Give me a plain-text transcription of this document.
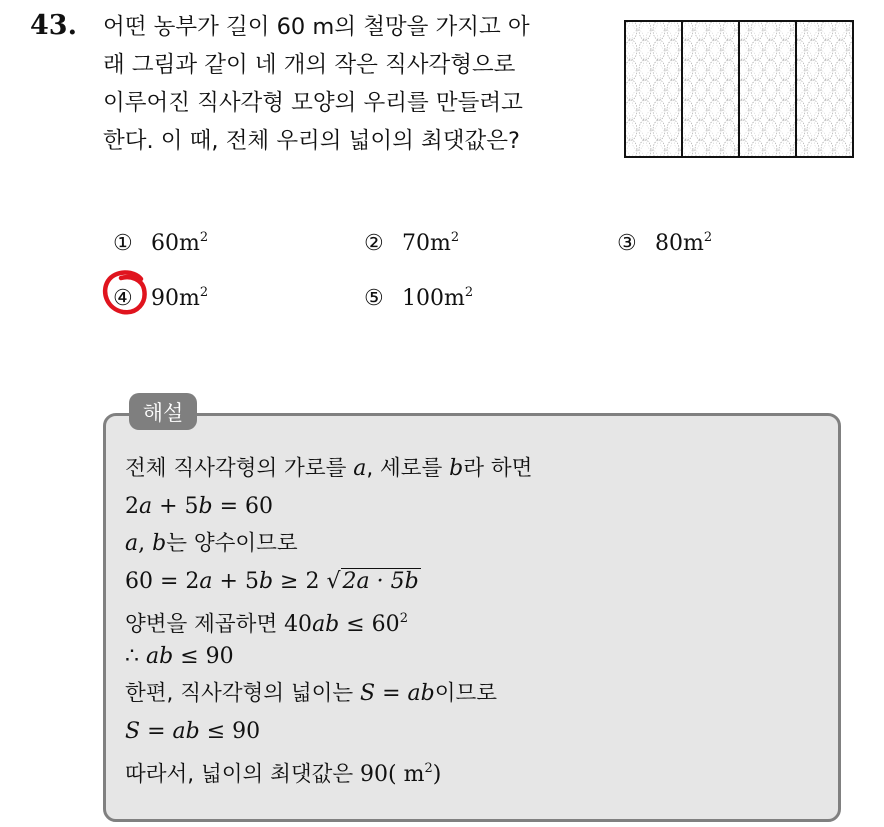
43. 어떤 농부가 길이 60 m의 철망을 가지고 아
래 그림과 같이 네 개의 작은 직사각형으로
이루어진 직사각형 모양의 우리를 만들려고
한다. 이 때, 전체 우리의 넓이의 최댓값은?
① $60m^2$	② $70m^2$	③ $80m^2$
④ $90m^2$	⑤ $100m^2$
해설
전체 직사각형의 가로를 a, 세로를 b라 하면
2a + 5b = 60
a, b는 양수이므로
60 = 2a + 5b ≥ 2 √2a · 5b
양변을 제곱하면 $40ab \le 60^2$
∴ ab ≤ 90
한편, 직사각형의 넓이는 S = ab이므로
S = ab ≤ 90
따라서, 넓이의 최댓값은 90( $m^2$)
